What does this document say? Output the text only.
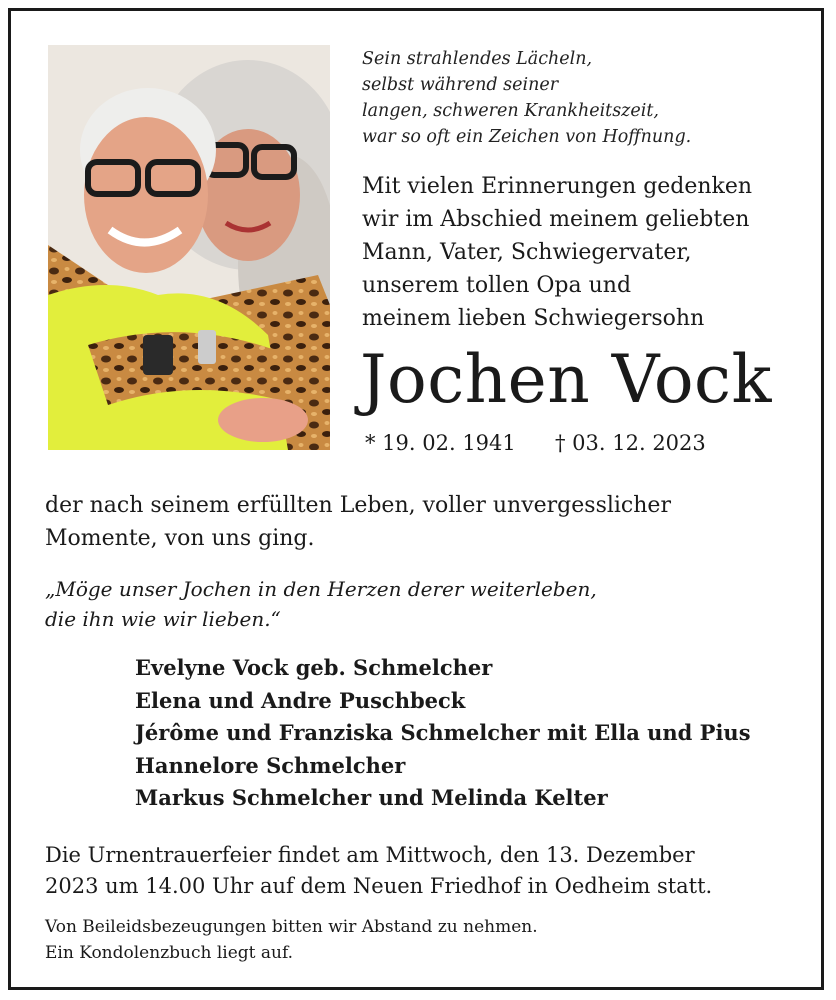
Sein strahlendes Lächeln,
selbst während seiner
langen, schweren Krankheitszeit,
war so oft ein Zeichen von Hoffnung.
Mit vielen Erinnerungen gedenken
wir im Abschied meinem geliebten
Mann, Vater, Schwiegervater,
unserem tollen Opa und
meinem lieben Schwiegersohn
Jochen Vock
* 19. 02. 1941 † 03. 12. 2023
der nach seinem erfüllten Leben, voller unvergesslicher
Momente, von uns ging.
„Möge unser Jochen in den Herzen derer weiterleben,
die ihn wie wir lieben.“
Evelyne Vock geb. Schmelcher
Elena und Andre Puschbeck
Jérôme und Franziska Schmelcher mit Ella und Pius
Hannelore Schmelcher
Markus Schmelcher und Melinda Kelter
Die Urnentrauerfeier findet am Mittwoch, den 13. Dezember
2023 um 14.00 Uhr auf dem Neuen Friedhof in Oedheim statt.
Von Beileidsbezeugungen bitten wir Abstand zu nehmen.
Ein Kondolenzbuch liegt auf.
